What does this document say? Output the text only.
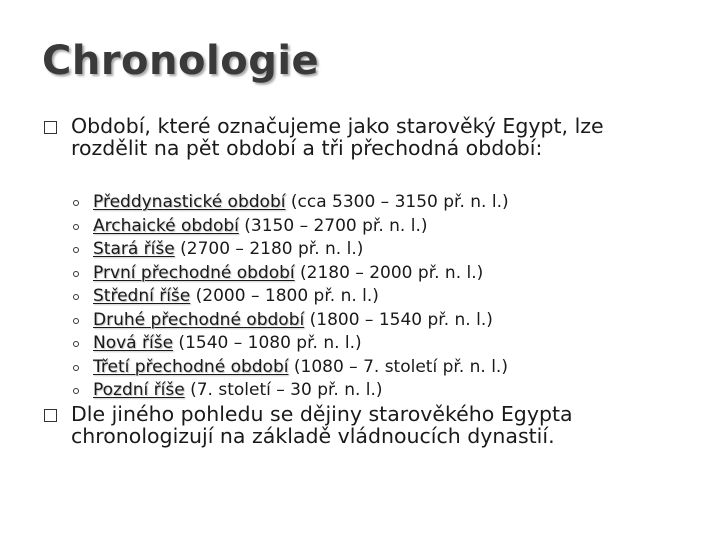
Chronologie
Období, které označujeme jako starověký Egypt, lze rozdělit na pět období a tři přechodná období:
Předdynastické období (cca 5300 – 3150 př. n. l.)
Archaické období (3150 – 2700 př. n. l.)
Stará říše (2700 – 2180 př. n. l.)
První přechodné období (2180 – 2000 př. n. l.)
Střední říše (2000 – 1800 př. n. l.)
Druhé přechodné období (1800 – 1540 př. n. l.)
Nová říše (1540 – 1080 př. n. l.)
Třetí přechodné období (1080 – 7. století př. n. l.)
Pozdní říše (7. století – 30 př. n. l.)
Dle jiného pohledu se dějiny starověkého Egypta chronologizují na základě vládnoucích dynastií.
